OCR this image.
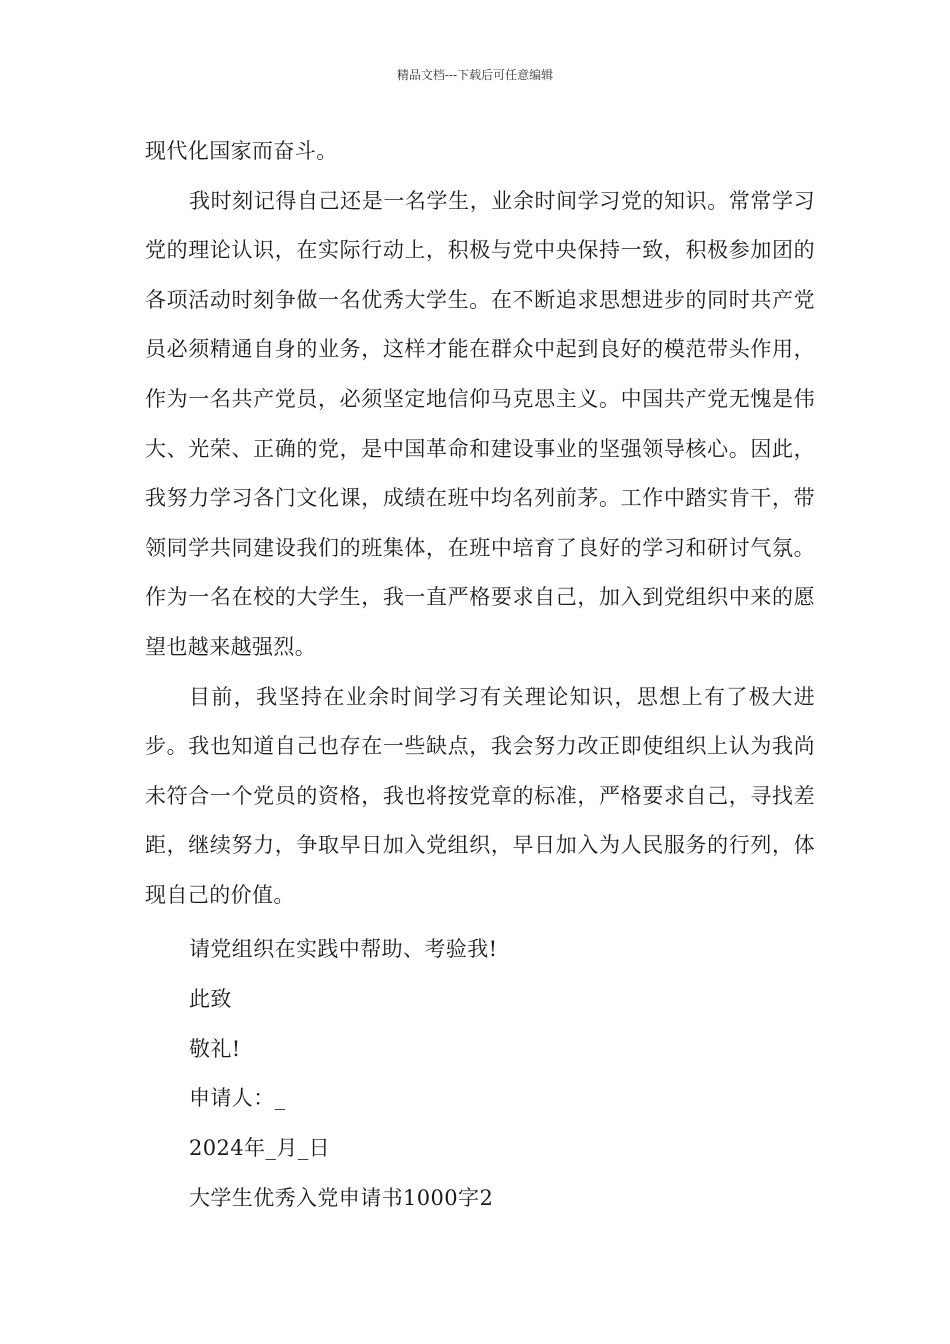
精品文档---下载后可任意编辑

现代化国家而奋斗。

我时刻记得自己还是一名学生，业余时间学习党的知识。常常学习党的理论认识，在实际行动上，积极与党中央保持一致，积极参加团的各项活动时刻争做一名优秀大学生。在不断追求思想进步的同时共产党员必须精通自身的业务，这样才能在群众中起到良好的模范带头作用，作为一名共产党员，必须坚定地信仰马克思主义。中国共产党无愧是伟大、光荣、正确的党，是中国革命和建设事业的坚强领导核心。因此，我努力学习各门文化课，成绩在班中均名列前茅。工作中踏实肯干，带领同学共同建设我们的班集体，在班中培育了良好的学习和研讨气氛。作为一名在校的大学生，我一直严格要求自己，加入到党组织中来的愿望也越来越强烈。

目前，我坚持在业余时间学习有关理论知识，思想上有了极大进步。我也知道自己也存在一些缺点，我会努力改正即使组织上认为我尚未符合一个党员的资格，我也将按党章的标准，严格要求自己，寻找差距，继续努力，争取早日加入党组织，早日加入为人民服务的行列，体现自己的价值。

请党组织在实践中帮助、考验我!
此致
敬礼!
申请人：_
2024年_月_日
大学生优秀入党申请书1000字2
